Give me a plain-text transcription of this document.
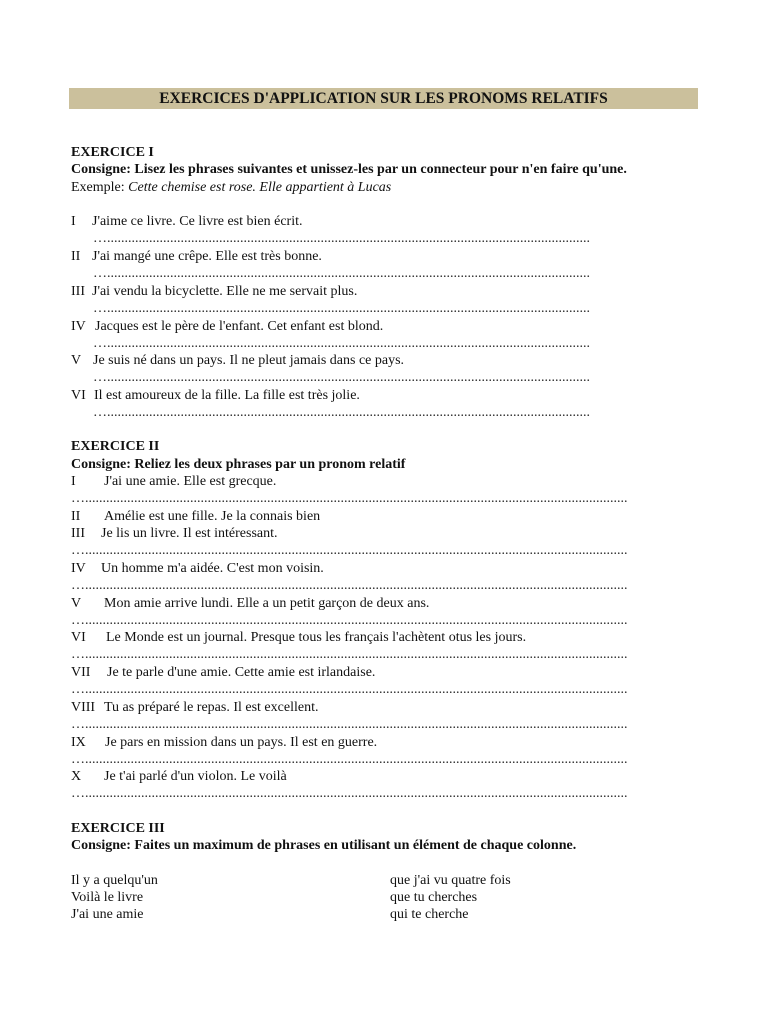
EXERCICES D'APPLICATION SUR LES PRONOMS RELATIFS
EXERCICE I
Consigne: Lisez les phrases suivantes et unissez-les par un connecteur pour n'en faire qu'une.
Exemple: Cette chemise est rose. Elle appartient à Lucas
I J'aime ce livre. Ce livre est bien écrit.
…..........................................................................................................................................
II J'ai mangé une crêpe. Elle est très bonne.
…..........................................................................................................................................
III J'ai vendu la bicyclette. Elle ne me servait plus.
…..........................................................................................................................................
IV Jacques est le père de l'enfant. Cet enfant est blond.
…..........................................................................................................................................
V Je suis né dans un pays. Il ne pleut jamais dans ce pays.
…..........................................................................................................................................
VI Il est amoureux de la fille. La fille est très jolie.
…..........................................................................................................................................
EXERCICE II
Consigne: Reliez les deux phrases par un pronom relatif
I J'ai une amie. Elle est grecque.
…...........................................................................................................................................................
II Amélie est une fille. Je la connais bien
III Je lis un livre. Il est intéressant.
…...........................................................................................................................................................
IV Un homme m'a aidée. C'est mon voisin.
…...........................................................................................................................................................
V Mon amie arrive lundi. Elle a un petit garçon de deux ans.
…...........................................................................................................................................................
VI Le Monde est un journal. Presque tous les français l'achètent otus les jours.
…...........................................................................................................................................................
VII Je te parle d'une amie. Cette amie est irlandaise.
…...........................................................................................................................................................
VIII Tu as préparé le repas. Il est excellent.
…...........................................................................................................................................................
IX Je pars en mission dans un pays. Il est en guerre.
…...........................................................................................................................................................
X Je t'ai parlé d'un violon. Le voilà
…...........................................................................................................................................................
EXERCICE III
Consigne: Faites un maximum de phrases en utilisant un élément de chaque colonne.
Il y a quelqu'un
Voilà le livre
J'ai une amie
que j'ai vu quatre fois
que tu cherches
qui te cherche
